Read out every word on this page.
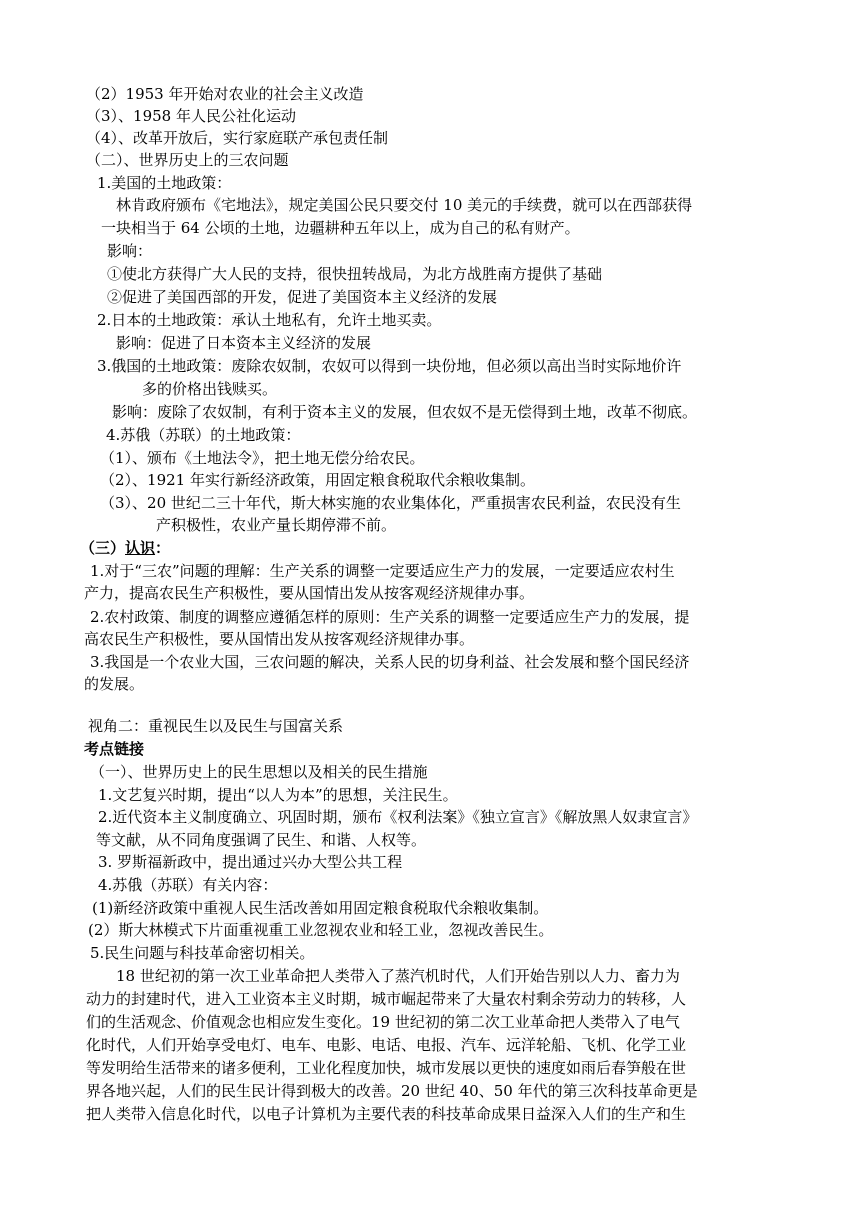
（2）1953 年开始对农业的社会主义改造
（3）、1958 年人民公社化运动
（4）、改革开放后，实行家庭联产承包责任制
（二）、世界历史上的三农问题
1.美国的土地政策：
林肯政府颁布《宅地法》，规定美国公民只要交付 10 美元的手续费，就可以在西部获得
一块相当于 64 公顷的土地，边疆耕种五年以上，成为自己的私有财产。
影响：
①使北方获得广大人民的支持，很快扭转战局，为北方战胜南方提供了基础
②促进了美国西部的开发，促进了美国资本主义经济的发展
2.日本的土地政策：承认土地私有，允许土地买卖。
影响：促进了日本资本主义经济的发展
3.俄国的土地政策：废除农奴制，农奴可以得到一块份地，但必须以高出当时实际地价许
多的价格出钱赎买。
影响：废除了农奴制，有利于资本主义的发展，但农奴不是无偿得到土地，改革不彻底。
4.苏俄（苏联）的土地政策：
（1）、颁布《土地法令》，把土地无偿分给农民。
（2）、1921 年实行新经济政策，用固定粮食税取代余粮收集制。
（3）、20 世纪二三十年代，斯大林实施的农业集体化，严重损害农民利益，农民没有生
产积极性，农业产量长期停滞不前。
（三）认识：
1.对于“三农”问题的理解：生产关系的调整一定要适应生产力的发展，一定要适应农村生
产力，提高农民生产积极性，要从国情出发从按客观经济规律办事。
2.农村政策、制度的调整应遵循怎样的原则：生产关系的调整一定要适应生产力的发展，提
高农民生产积极性，要从国情出发从按客观经济规律办事。
3.我国是一个农业大国，三农问题的解决，关系人民的切身利益、社会发展和整个国民经济
的发展。
视角二：重视民生以及民生与国富关系
考点链接
（一）、世界历史上的民生思想以及相关的民生措施
1.文艺复兴时期，提出“以人为本”的思想，关注民生。
2.近代资本主义制度确立、巩固时期，颁布《权利法案》《独立宣言》《解放黑人奴隶宣言》
等文献，从不同角度强调了民生、和谐、人权等。
3. 罗斯福新政中，提出通过兴办大型公共工程
4.苏俄（苏联）有关内容：
(1)新经济政策中重视人民生活改善如用固定粮食税取代余粮收集制。
(2）斯大林模式下片面重视重工业忽视农业和轻工业，忽视改善民生。
5.民生问题与科技革命密切相关。
18 世纪初的第一次工业革命把人类带入了蒸汽机时代，人们开始告别以人力、畜力为
动力的封建时代，进入工业资本主义时期，城市崛起带来了大量农村剩余劳动力的转移，人
们的生活观念、价值观念也相应发生变化。19 世纪初的第二次工业革命把人类带入了电气
化时代，人们开始享受电灯、电车、电影、电话、电报、汽车、远洋轮船、飞机、化学工业
等发明给生活带来的诸多便利，工业化程度加快，城市发展以更快的速度如雨后春笋般在世
界各地兴起，人们的民生民计得到极大的改善。20 世纪 40、50 年代的第三次科技革命更是
把人类带入信息化时代，以电子计算机为主要代表的科技革命成果日益深入人们的生产和生
